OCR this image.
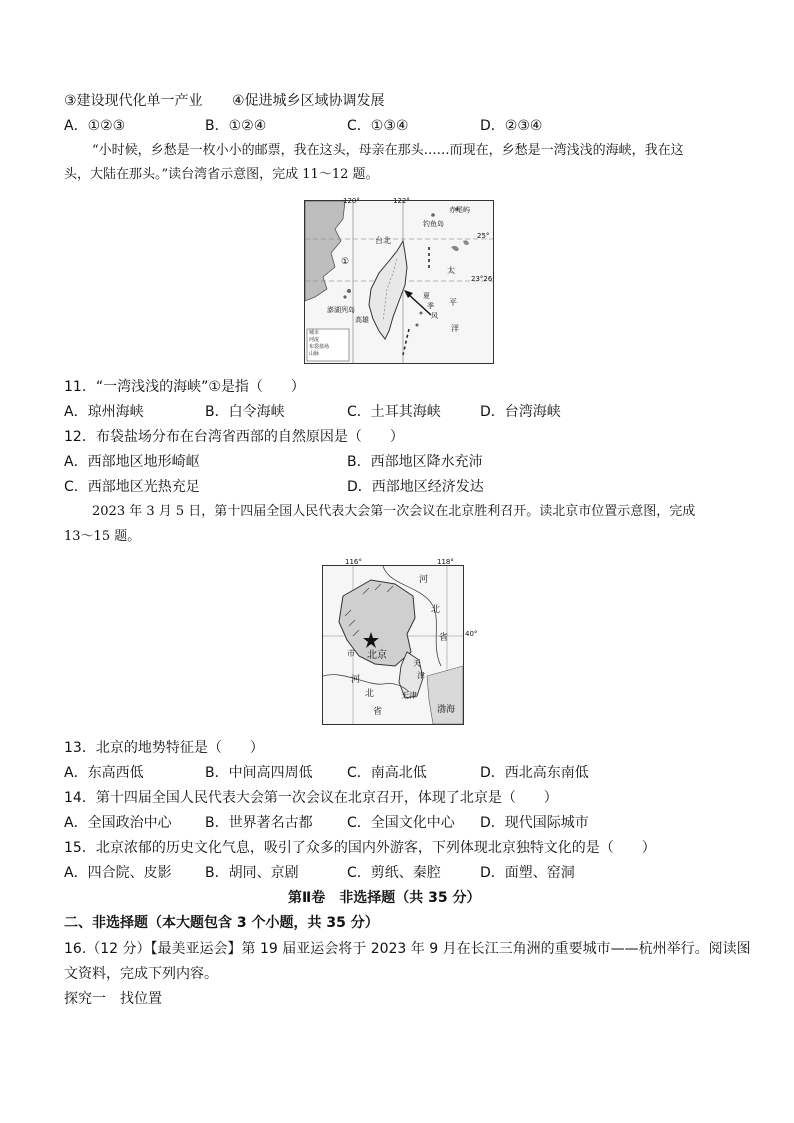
③建设现代化单一产业 ④促进城乡区域协调发展
A．①②③	B．①②④	C．①③④	D．②③④
“小时候，乡愁是一枚小小的邮票，我在这头，母亲在那头……而现在，乡愁是一湾浅浅的海峡，我在这
头，大陆在那头。”读台湾省示意图，完成 11～12 题。
120°	122°
25°
23°26'
赤尾屿
钓鱼岛
台北
①
澎湖列岛
高雄
太
平
洋
夏
季
风
城市
河流
布袋盐场
山脉
11．“一湾浅浅的海峡”①是指（　　）
A．琼州海峡	B．白令海峡	C．土耳其海峡	D．台湾海峡
12．布袋盐场分布在台湾省西部的自然原因是（　　）
A．西部地区地形崎岖	B．西部地区降水充沛
C．西部地区光热充足	D．西部地区经济发达
2023 年 3 月 5 日，第十四届全国人民代表大会第一次会议在北京胜利召开。读北京市位置示意图，完成
13～15 题。
116°	118°
40°
北京
天津
渤海
河
北
省
河
北
省
天
津
市
13．北京的地势特征是（　　）
A．东高西低	B．中间高四周低 C．南高北低	D．西北高东南低
14．第十四届全国人民代表大会第一次会议在北京召开，体现了北京是（　　）
A．全国政治中心 B．世界著名古都 C．全国文化中心 D．现代国际城市
15．北京浓郁的历史文化气息，吸引了众多的国内外游客，下列体现北京独特文化的是（　　）
A．四合院、皮影 B．胡同、京剧	C．剪纸、秦腔	D．面塑、窑洞
第Ⅱ卷　非选择题（共 35 分）
二、非选择题（本大题包含 3 个小题，共 35 分）
16.（12 分）【最美亚运会】第 19 届亚运会将于 2023 年 9 月在长江三角洲的重要城市——杭州举行。阅读图
文资料，完成下列内容。
探究一　找位置
